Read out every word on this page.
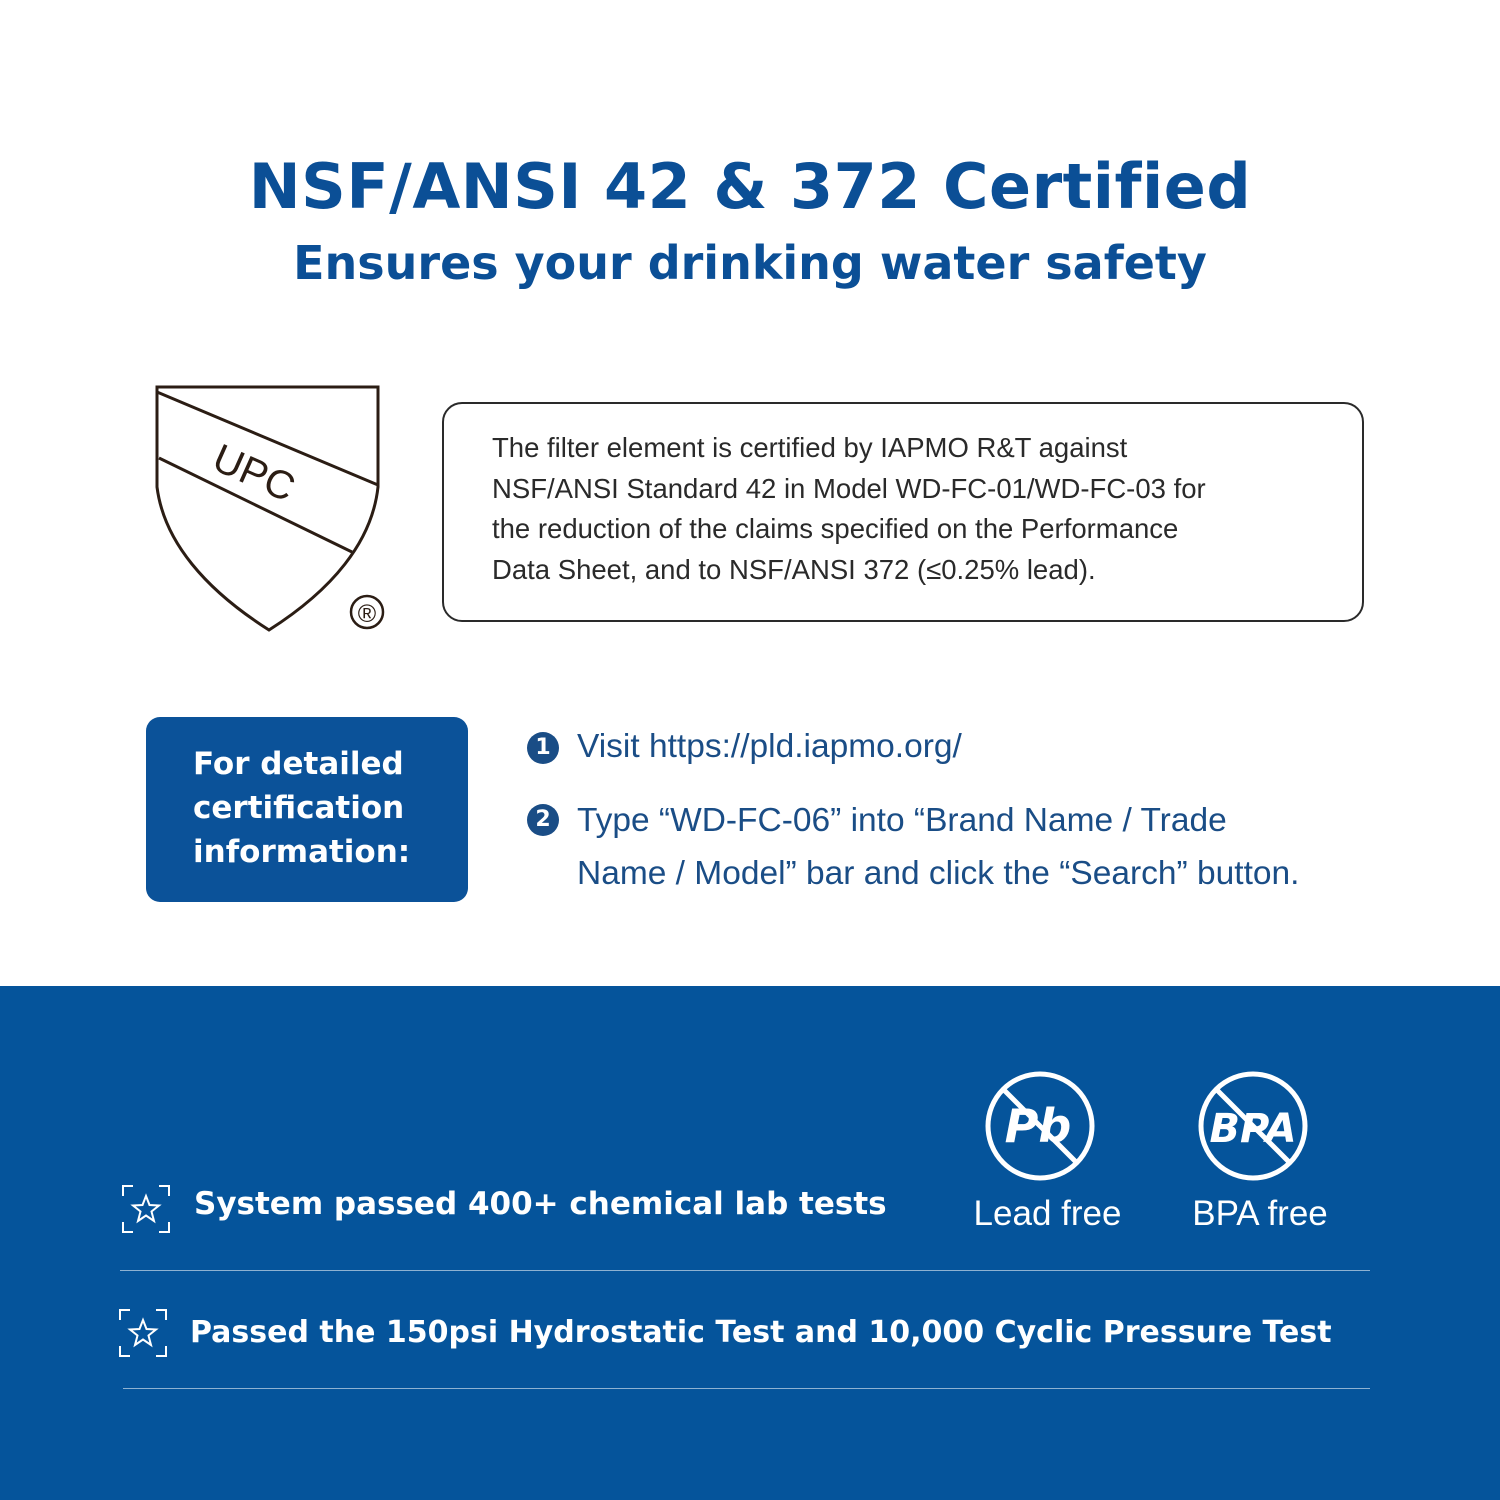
NSF/ANSI 42 & 372 Certified
Ensures your drinking water safety
UPC
®
The filter element is certified by IAPMO R&T against
NSF/ANSI Standard 42 in Model WD-FC-01/WD-FC-03 for
the reduction of the claims specified on the Performance
Data Sheet, and to NSF/ANSI 372 (≤0.25% lead).
For detailed
certification
information:
1 Visit https://pld.iapmo.org/
2 Type “WD-FC-06” into “Brand Name / Trade
Name / Model” bar and click the “Search” button.
System passed 400+ chemical lab tests
Passed the 150psi Hydrostatic Test and 10,000 Cyclic Pressure Test
Pb
Lead free
BPA
BPA free
